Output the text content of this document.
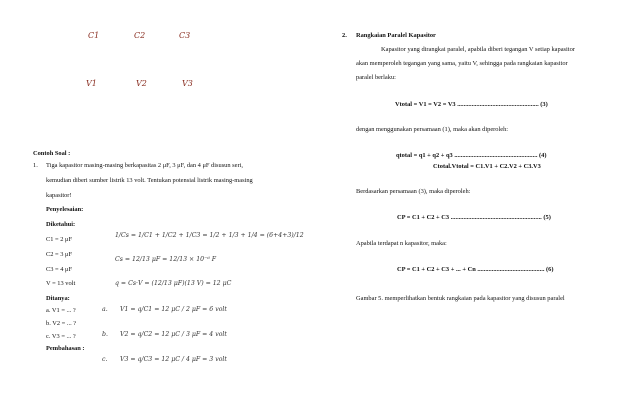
C1	C2	C3
V1	V2	V3
Contoh Soal :
1. Tiga kapasitor masing-masing berkapasitas 2 μF, 3 μF, dan 4 μF disusun seri,
kemudian diberi sumber listrik 13 volt. Tentukan potensial listrik masing-masing
kapasitor!
Penyelesaian:
Diketahui:
C1 = 2 μF
C2 = 3 μF
C3 = 4 μF
V = 13 volt
Ditanya:
a. V1 = ... ?
b. V2 = ... ?
c. V3 = ... ?
Pembahasan :
1/Cs = 1/C1 + 1/C2 + 1/C3 = 1/2 + 1/3 + 1/4 = (6+4+3)/12
Cs = 12/13 μF = 12/13 × 10⁻⁶ F
q = Cs·V = (12/13 μF)(13 V) = 12 μC
a. V1 = q/C1 = 12 μC / 2 μF = 6 volt
b. V2 = q/C2 = 12 μC / 3 μF = 4 volt
c. V3 = q/C3 = 12 μC / 4 μF = 3 volt
2. Rangkaian Paralel Kapasitor
Kapasitor yang dirangkai paralel, apabila diberi tegangan V setiap kapasitor
akan memperoleh tegangan yang sama, yaitu V, sehingga pada rangkaian kapasitor
paralel berlaku:
Vtotal = V1 = V2 = V3 ................................................... (3)
dengan menggunakan persamaan (1), maka akan diperoleh:
qtotal = q1 + q2 + q3 .................................................... (4)
Ctotal.Vtotal = C1.V1 + C2.V2 + C3.V3
Berdasarkan persamaan (3), maka diperoleh:
CP = C1 + C2 + C3 ......................................................... (5)
Apabila terdapat n kapasitor, maka:
CP = C1 + C2 + C3 + ... + Cn .......................................... (6)
Gambar 5. memperlihatkan bentuk rangkaian pada kapasitor yang disusun paralel
